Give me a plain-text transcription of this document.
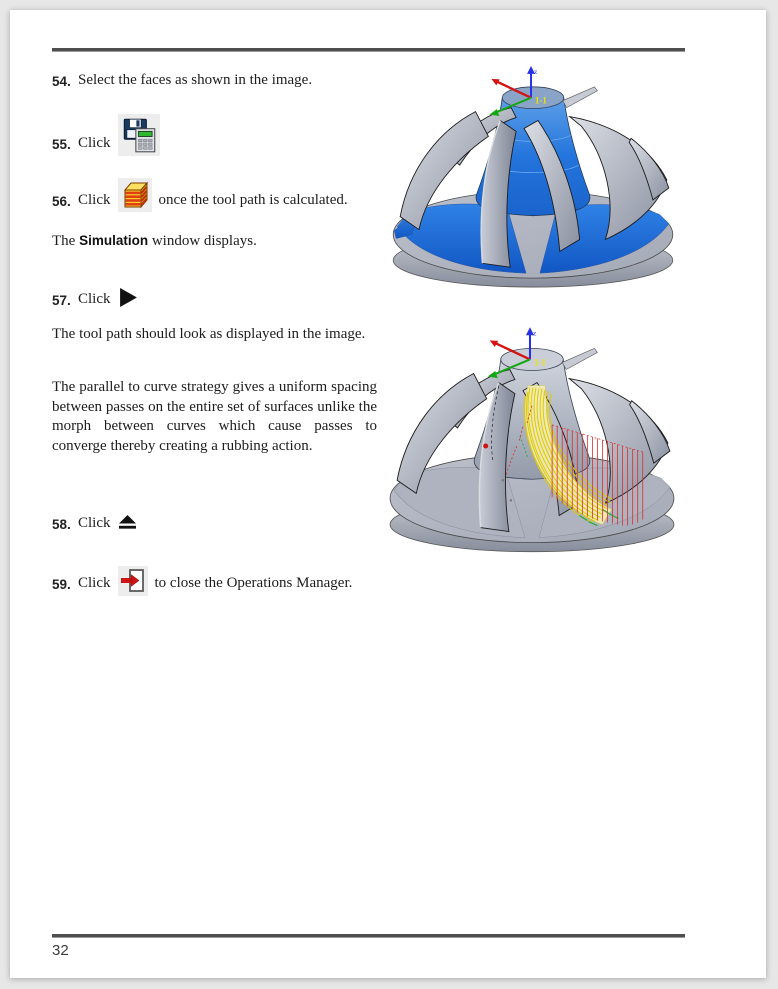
54. Select the faces as shown in the image.
55. Click
56. Click	once the tool path is calculated.
The Simulation window displays.
57. Click
The tool path should look as displayed in the image.
The parallel to curve strategy gives a uniform spacing between passes on the entire set of surfaces unlike the morph between curves which cause passes to converge thereby creating a rubbing action.
58. Click
59. Click	to close the Operations Manager.
z
1-1
z
1-1
32
